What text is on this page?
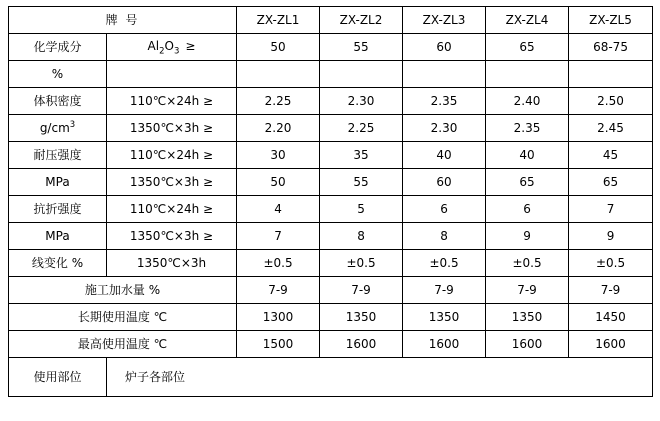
牌 号		ZX-ZL1	ZX-ZL2	ZX-ZL3	ZX-ZL4	ZX-ZL5
化学成分	$Al_2O_3$ ≥	50	55	60	65	68-75
%						
体积密度	110℃×24h ≥	2.25	2.30	2.35	2.40	2.50
$g/cm^3$	1350℃×3h ≥	2.20	2.25	2.30	2.35	2.45
耐压强度	110℃×24h ≥	30	35	40	40	45
MPa	1350℃×3h ≥	50	55	60	65	65
抗折强度	110℃×24h ≥	4	5	6	6	7
MPa	1350℃×3h ≥	7	8	8	9	9
线变化 %	1350℃×3h	±0.5	±0.5	±0.5	±0.5	±0.5
施工加水量 %		7-9	7-9	7-9	7-9	7-9
长期使用温度 ℃		1300	1350	1350	1350	1450
最高使用温度 ℃		1500	1600	1600	1600	1600
使用部位	炉子各部位					
